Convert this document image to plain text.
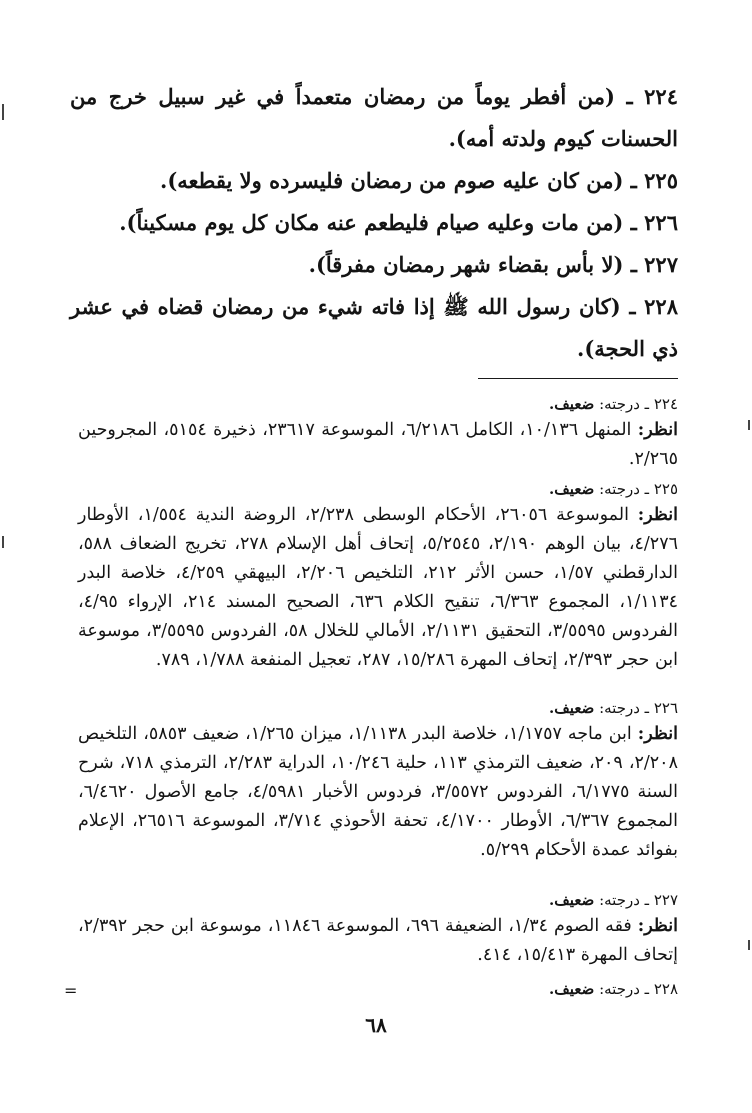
٢٢٤ ـ (من أفطر يوماً من رمضان متعمداً في غير سبيل خرج من الحسنات كيوم ولدته أمه).
٢٢٥ ـ (من كان عليه صوم من رمضان فليسرده ولا يقطعه).
٢٢٦ ـ (من مات وعليه صيام فليطعم عنه مكان كل يوم مسكيناً).
٢٢٧ ـ (لا بأس بقضاء شهر رمضان مفرقاً).
٢٢٨ ـ (كان رسول الله ﷺ إذا فاته شيء من رمضان قضاه في عشر ذي الحجة).
٢٢٤ ـ درجته: ضعيف.
انظر: المنهل ١٠/١٣٦، الكامل ٦/٢١٨٦، الموسوعة ٢٣٦١٧، ذخيرة ٥١٥٤، المجروحين ٢/٢٦٥.
٢٢٥ ـ درجته: ضعيف.
انظر: الموسوعة ٢٦٠٥٦، الأحكام الوسطى ٢/٢٣٨، الروضة الندية ١/٥٥٤، الأوطار ٤/٢٧٦، بيان الوهم ٢/١٩٠، ٥/٢٥٤٥، إتحاف أهل الإسلام ٢٧٨، تخريج الضعاف ٥٨٨، الدارقطني ١/٥٧، حسن الأثر ٢١٢، التلخيص ٢/٢٠٦، البيهقي ٤/٢٥٩، خلاصة البدر ١/١١٣٤، المجموع ٦/٣٦٣، تنقيح الكلام ٦٣٦، الصحيح المسند ٢١٤، الإرواء ٤/٩٥، الفردوس ٣/٥٥٩٥، التحقيق ٢/١١٣١، الأمالي للخلال ٥٨، الفردوس ٣/٥٥٩٥، موسوعة ابن حجر ٢/٣٩٣، إتحاف المهرة ١٥/٢٨٦، ٢٨٧، تعجيل المنفعة ١/٧٨٨، ٧٨٩.
٢٢٦ ـ درجته: ضعيف.
انظر: ابن ماجه ١/١٧٥٧، خلاصة البدر ١/١١٣٨، ميزان ١/٢٦٥، ضعيف ٥٨٥٣، التلخيص ٢/٢٠٨، ٢٠٩، ضعيف الترمذي ١١٣، حلية ١٠/٢٤٦، الدراية ٢/٢٨٣، الترمذي ٧١٨، شرح السنة ٦/١٧٧٥، الفردوس ٣/٥٥٧٢، فردوس الأخبار ٤/٥٩٨١، جامع الأصول ٦/٤٦٢٠، المجموع ٦/٣٦٧، الأوطار ٤/١٧٠٠، تحفة الأحوذي ٣/٧١٤، الموسوعة ٢٦٥١٦، الإعلام بفوائد عمدة الأحكام ٥/٢٩٩.
٢٢٧ ـ درجته: ضعيف.
انظر: فقه الصوم ١/٣٤، الضعيفة ٦٩٦، الموسوعة ١١٨٤٦، موسوعة ابن حجر ٢/٣٩٢، إتحاف المهرة ١٥/٤١٣، ٤١٤.
٢٢٨ ـ درجته: ضعيف.
=
٦٨
